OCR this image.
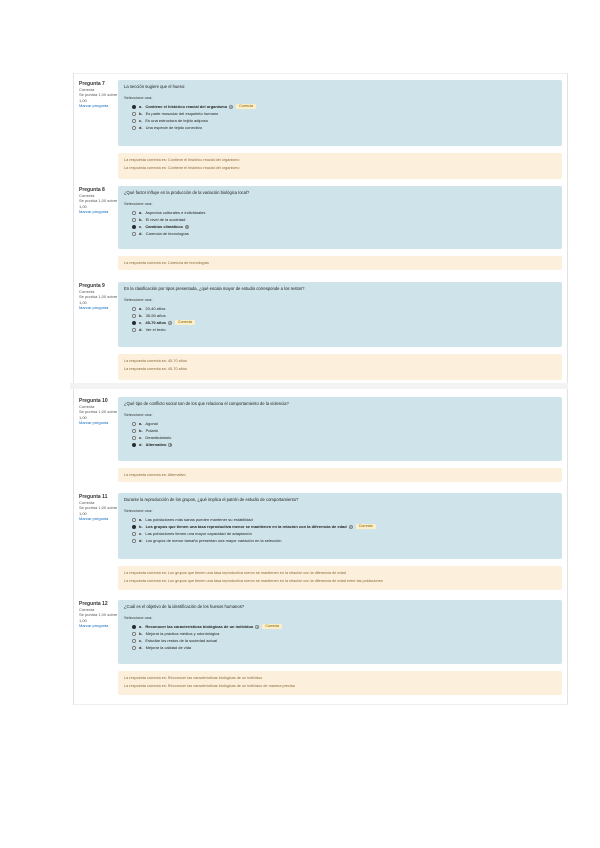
Pregunta 7
Correcta
Se puntúa 1,00 sobre 1,00
Marcar pregunta
La sección sugiere que el hueso:
Seleccione una:
a. Contiene el histórico reacial del organismo	✓	Correcta
b. Es parte muscular del esqueleto humano
c. Es una estructura de tejido adiposo
d. Una especie de tejido conectivo
La respuesta correcta es: Contiene el histórico reacial del organismo
La respuesta correcta es: Contiene el histórico reacial del organismo
Pregunta 8
Correcta
Se puntúa 1,00 sobre 1,00
Marcar pregunta
¿Qué factor influye en la producción de la variación biológica local?
Seleccione una:
a. Aspectos culturales e individuales
b. El nivel de la sociedad
c. Cambios climáticos	✕
d. Carencia de tecnologías
La respuesta correcta es: Carencia de tecnologías
Pregunta 9
Correcta
Se puntúa 1,00 sobre 1,00
Marcar pregunta
En la clasificación por tipos presentada, ¿qué escala mayor de estudio corresponde a los restos?
Seleccione una:
a. 20-40 años
b. 35-50 años
c. 45-70 años	✓	Correcta
d. Ver el texto
La respuesta correcta es: 45-70 años
La respuesta correcta es: 45-70 años
Pregunta 10
Correcta
Se puntúa 1,00 sobre 1,00
Marcar pregunta
¿Qué tipo de conflicto social son de los que relaciona el comportamiento de la violencia?
Seleccione una:
a. Agonal
b. Polarió
c. Deambulatorio
d. Alternativo	✕
La respuesta correcta es: Alternativo
Pregunta 11
Correcta
Se puntúa 1,00 sobre 1,00
Marcar pregunta
Durante la reproducción de los grupos, ¿qué implica el patrón de estudio de comportamiento?
Seleccione una:
a. Las poblaciones más sanas pueden mantener su estabilidad
b. Los grupos que tienen una tasa reproductiva menor se mantienen en la relación con la diferencia de edad	✓	Correcta
c. Las poblaciones tienen una mayor capacidad de adaptación
d. Los grupos de menor tamaño presentan una mayor variación en la selección
La respuesta correcta es: Los grupos que tienen una tasa reproductiva menor se mantienen en la relación con la diferencia de edad
La respuesta correcta es: Los grupos que tienen una tasa reproductiva menor se mantienen en la relación con la diferencia de edad entre las poblaciones
Pregunta 12
Correcta
Se puntúa 1,00 sobre 1,00
Marcar pregunta
¿Cuál es el objetivo de la identificación de los huesos humanos?
Seleccione una:
a. Reconocer las características biológicas de un individuo	✓	Correcta
b. Mejorar la práctica médica y odontológica
c. Estudiar los restos de la sociedad actual
d. Mejorar la calidad de vida
La respuesta correcta es: Reconocer las características biológicas de un individuo
La respuesta correcta es: Reconocer las características biológicas de un individuo de manera precisa
